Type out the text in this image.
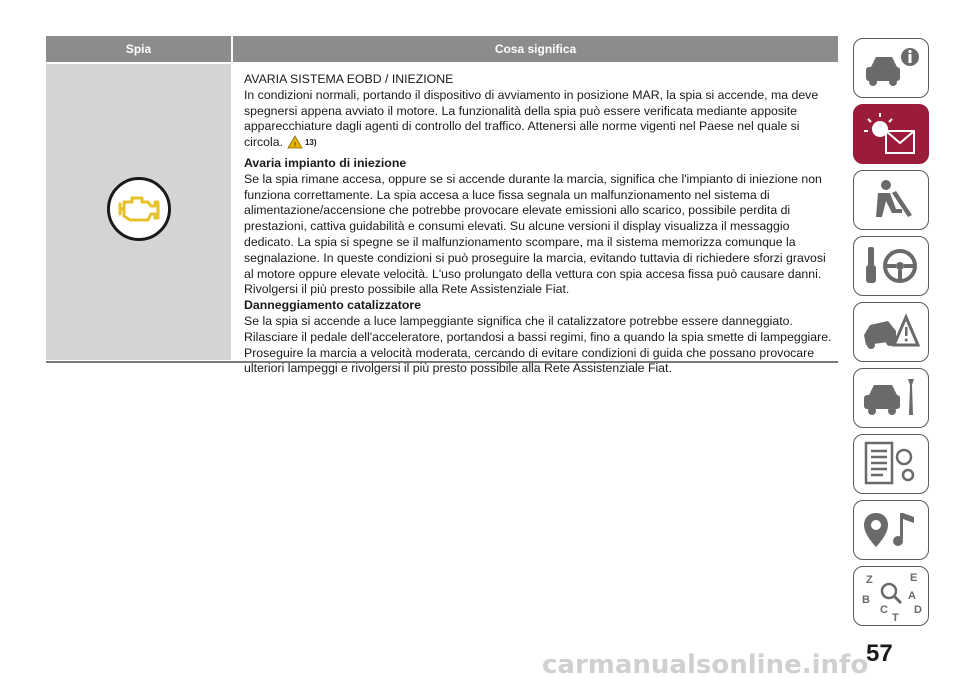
Spia	Cosa significa
AVARIA SISTEMA EOBD / INIEZIONE
In condizioni normali, portando il dispositivo di avviamento in posizione MAR, la spia si accende, ma deve spegnersi appena avviato il motore. La funzionalità della spia può essere verificata mediante apposite apparecchiature dagli agenti di controllo del traffico. Attenersi alle norme vigenti nel Paese nel quale si circola. ! 13)
Avaria impianto di iniezione
Se la spia rimane accesa, oppure se si accende durante la marcia, significa che l'impianto di iniezione non funziona correttamente. La spia accesa a luce fissa segnala un malfunzionamento nel sistema di alimentazione/accensione che potrebbe provocare elevate emissioni allo scarico, possibile perdita di prestazioni, cattiva guidabilità e consumi elevati. Su alcune versioni il display visualizza il messaggio dedicato. La spia si spegne se il malfunzionamento scompare, ma il sistema memorizza comunque la segnalazione. In queste condizioni si può proseguire la marcia, evitando tuttavia di richiedere sforzi gravosi al motore oppure elevate velocità. L'uso prolungato della vettura con spia accesa fissa può causare danni. Rivolgersi il più presto possibile alla Rete Assistenziale Fiat.
Danneggiamento catalizzatore
Se la spia si accende a luce lampeggiante significa che il catalizzatore potrebbe essere danneggiato. Rilasciare il pedale dell'acceleratore, portandosi a bassi regimi, fino a quando la spia smette di lampeggiare. Proseguire la marcia a velocità moderata, cercando di evitare condizioni di guida che possano provocare ulteriori lampeggi e rivolgersi il più presto possibile alla Rete Assistenziale Fiat.
Z	E
B	A
C D
T
57
carmanualsonline.info
